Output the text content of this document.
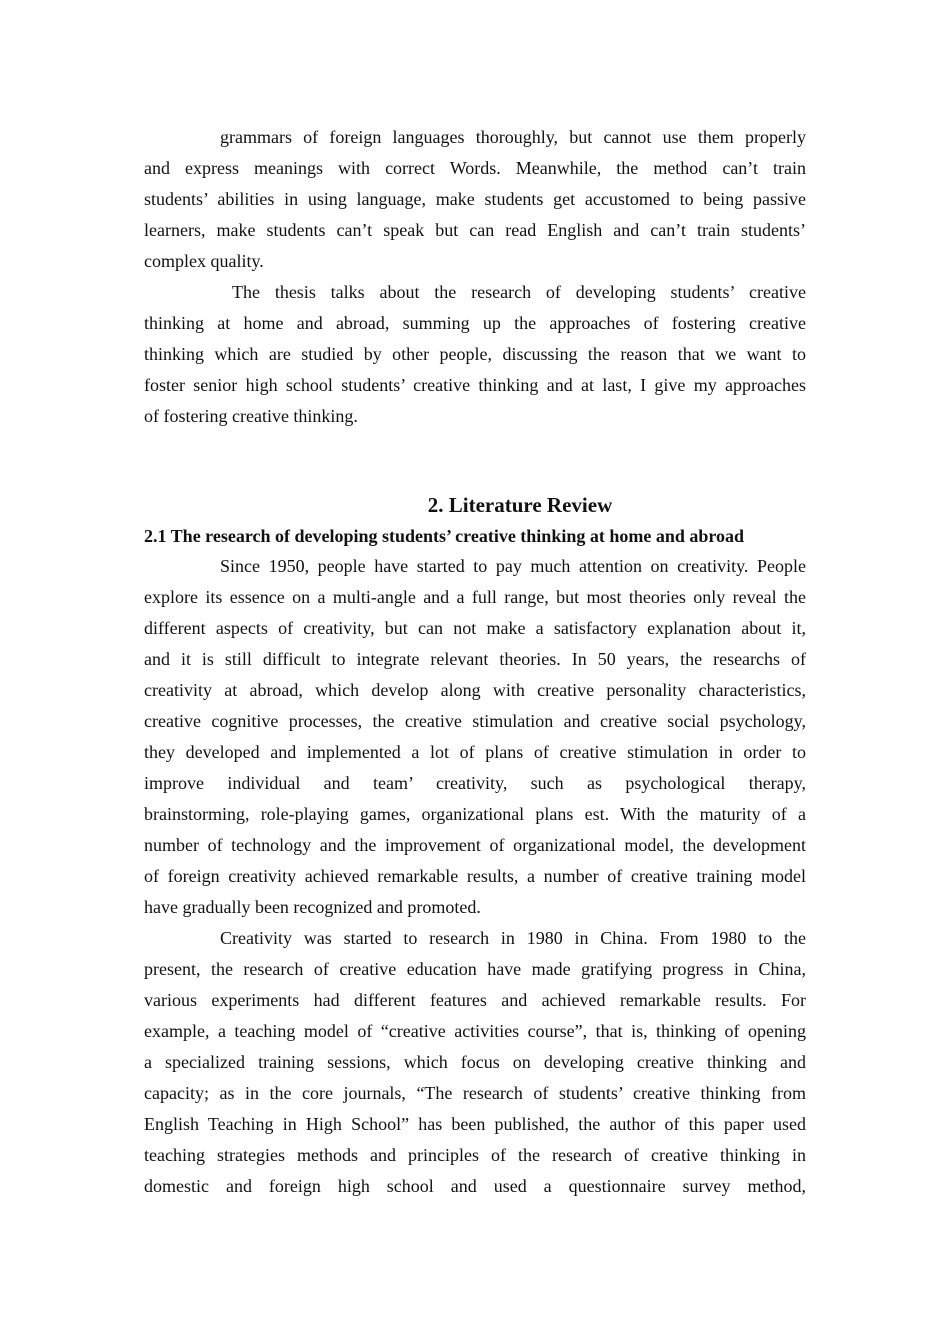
grammars of foreign languages thoroughly, but cannot use them properly
and express meanings with correct Words. Meanwhile, the method can’t train
students’ abilities in using language, make students get accustomed to being passive
learners, make students can’t speak but can read English and can’t train students’
complex quality.
The thesis talks about the research of developing students’ creative
thinking at home and abroad, summing up the approaches of fostering creative
thinking which are studied by other people, discussing the reason that we want to
foster senior high school students’ creative thinking and at last, I give my approaches
of fostering creative thinking.
2. Literature Review
2.1 The research of developing students’ creative thinking at home and abroad
Since 1950, people have started to pay much attention on creativity. People
explore its essence on a multi-angle and a full range, but most theories only reveal the
different aspects of creativity, but can not make a satisfactory explanation about it,
and it is still difficult to integrate relevant theories. In 50 years, the researchs of
creativity at abroad, which develop along with creative personality characteristics,
creative cognitive processes, the creative stimulation and creative social psychology,
they developed and implemented a lot of plans of creative stimulation in order to
improve individual and team’ creativity, such as psychological therapy,
brainstorming, role-playing games, organizational plans est. With the maturity of a
number of technology and the improvement of organizational model, the development
of foreign creativity achieved remarkable results, a number of creative training model
have gradually been recognized and promoted.
Creativity was started to research in 1980 in China. From 1980 to the
present, the research of creative education have made gratifying progress in China,
various experiments had different features and achieved remarkable results. For
example, a teaching model of “creative activities course”, that is, thinking of opening
a specialized training sessions, which focus on developing creative thinking and
capacity; as in the core journals, “The research of students’ creative thinking from
English Teaching in High School” has been published, the author of this paper used
teaching strategies methods and principles of the research of creative thinking in
domestic and foreign high school and used a questionnaire survey method,
